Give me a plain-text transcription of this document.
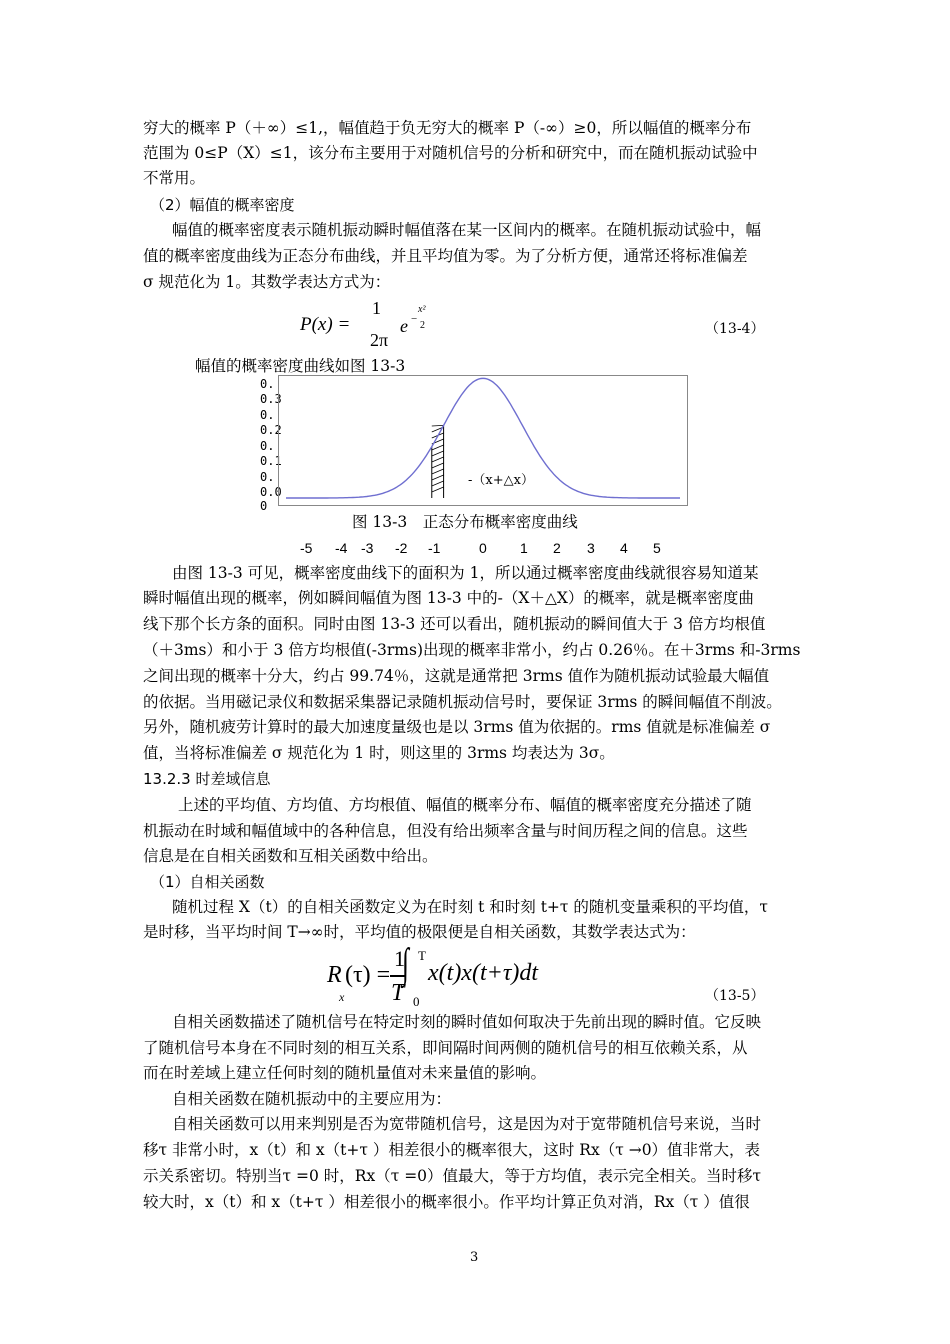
穷大的概率 P（＋∞）≤1,，幅值趋于负无穷大的概率 P（-∞）≥0，所以幅值的概率分布
范围为 0≤P（X）≤1，该分布主要用于对随机信号的分析和研究中，而在随机振动试验中
不常用。
（2）幅值的概率密度
幅值的概率密度表示随机振动瞬时幅值落在某一区间内的概率。在随机振动试验中，幅
值的概率密度曲线为正态分布曲线，并且平均值为零。为了分析方便，通常还将标准偏差
σ 规范化为 1。其数学表达方式为：
P(x) =
1
2π
e −
x²
2	（13-4）
幅值的概率密度曲线如图 13-3
0.
0.3
0.
0.2
0.
0.1
0.
0.0
0
-（x+△x）
图 13-3　正态分布概率密度曲线
-5 -4 -3 -2 -1	0 1 2 3 4 5
由图 13-3 可见，概率密度曲线下的面积为 1，所以通过概率密度曲线就很容易知道某
瞬时幅值出现的概率，例如瞬间幅值为图 13-3 中的-（X＋△X）的概率，就是概率密度曲
线下那个长方条的面积。同时由图 13-3 还可以看出，随机振动的瞬间值大于 3 倍方均根值
（＋3ms）和小于 3 倍方均根值(-3rms)出现的概率非常小，约占 0.26％。在＋3rms 和-3rms
之间出现的概率十分大，约占 99.74％，这就是通常把 3rms 值作为随机振动试验最大幅值
的依据。当用磁记录仪和数据采集器记录随机振动信号时，要保证 3rms 的瞬间幅值不削波。
另外，随机疲劳计算时的最大加速度量级也是以 3rms 值为依据的。rms 值就是标准偏差 σ
值，当将标准偏差 σ 规范化为 1 时，则这里的 3rms 均表达为 3σ。
13.2.3 时差域信息
上述的平均值、方均值、方均根值、幅值的概率分布、幅值的概率密度充分描述了随
机振动在时域和幅值域中的各种信息，但没有给出频率含量与时间历程之间的信息。这些
信息是在自相关函数和互相关函数中给出。
（1）自相关函数
随机过程 X（t）的自相关函数定义为在时刻 t 和时刻 t+τ 的随机变量乘积的平均值，τ
是时移，当平均时间 T→∞时，平均值的极限便是自相关函数，其数学表达式为：
R
x
(τ) =
1
T
∫ T
0
x(t)x(t+τ)dt
（13-5）
自相关函数描述了随机信号在特定时刻的瞬时值如何取决于先前出现的瞬时值。它反映
了随机信号本身在不同时刻的相互关系，即间隔时间两侧的随机信号的相互依赖关系，从
而在时差域上建立任何时刻的随机量值对未来量值的影响。
自相关函数在随机振动中的主要应用为：
自相关函数可以用来判别是否为宽带随机信号，这是因为对于宽带随机信号来说，当时
移τ 非常小时，x（t）和 x（t+τ ）相差很小的概率很大，这时 Rx（τ →0）值非常大，表
示关系密切。特别当τ =0 时，Rx（τ =0）值最大，等于方均值，表示完全相关。当时移τ
较大时，x（t）和 x（t+τ ）相差很小的概率很小。作平均计算正负对消，Rx（τ ）值很
3
